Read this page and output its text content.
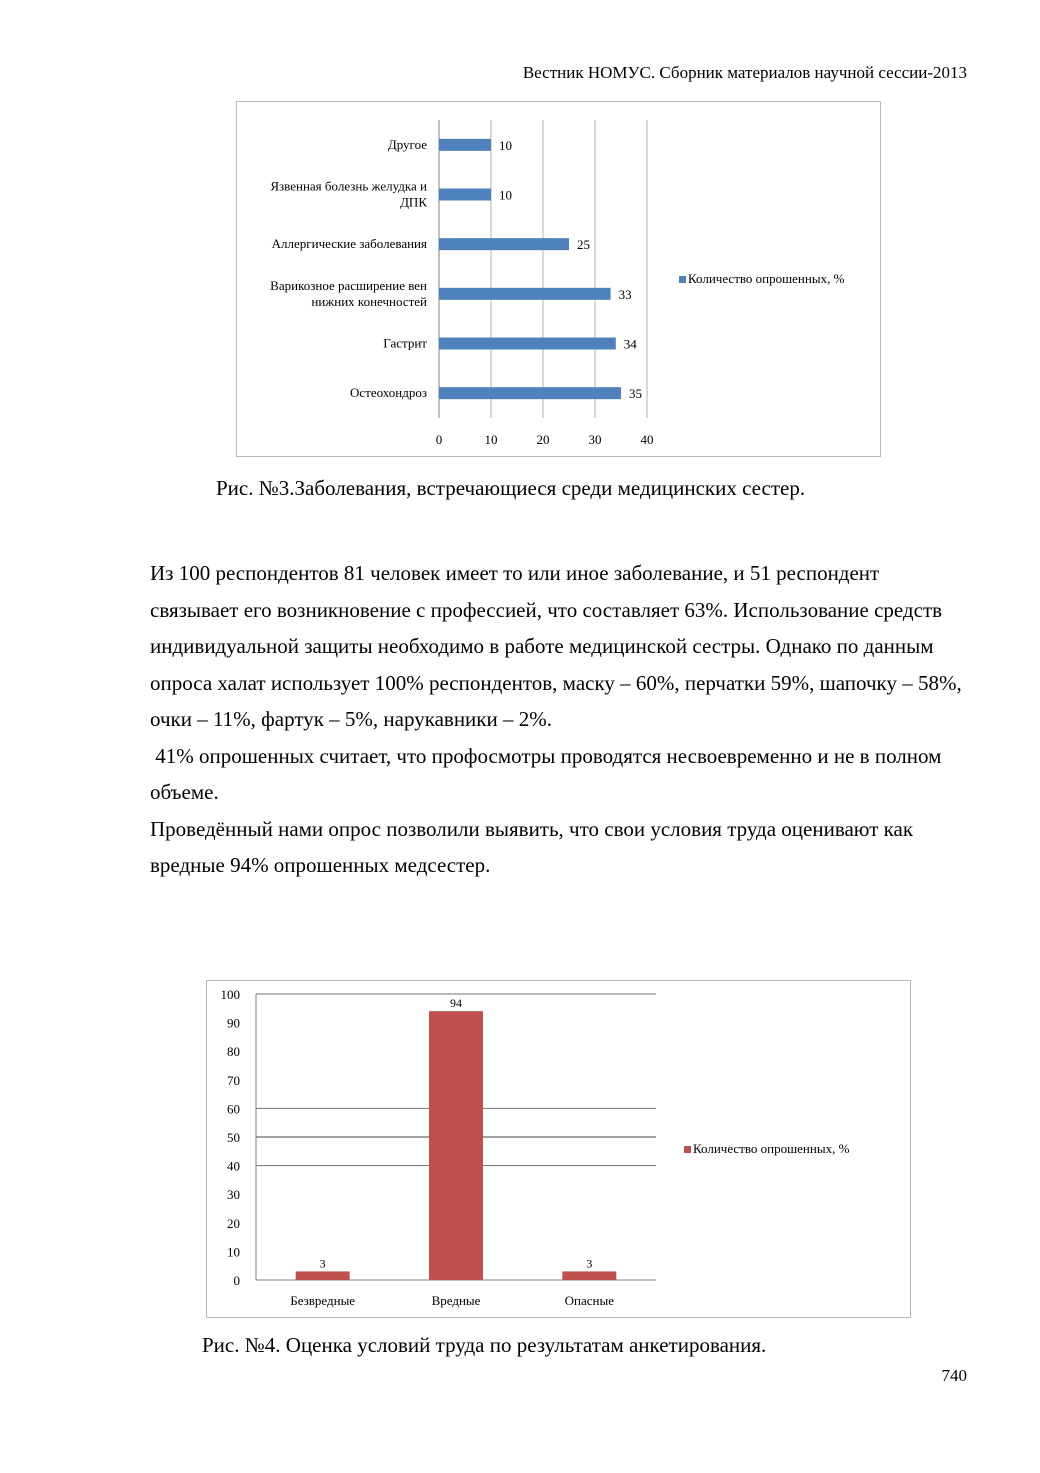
Вестник НОМУС. Сборник материалов научной сессии-2013
0	10	20	30	40
10
Другое
10
Язвенная болезнь желудка и
ДПК
25
Аллергические заболевания
33
Варикозное расширение вен
нижних конечностей
34
Гастрит
35
Остеохондроз
Количество опрошенных, %
Рис. №3.Заболевания, встречающиеся среди медицинских сестер.

Из 100 респондентов 81 человек имеет то или иное заболевание, и 51 респондент связывает его возникновение с профессией, что составляет 63%. Использование средств индивидуальной защиты необходимо в работе медицинской сестры. Однако по данным опроса халат использует 100% респондентов, маску – 60%, перчатки 59%, шапочку – 58%, очки – 11%, фартук – 5%, нарукавники – 2%.

41% опрошенных считает, что профосмотры проводятся несвоевременно и не в полном объеме.

Проведённый нами опрос позволили выявить, что свои условия труда оценивают как вредные 94% опрошенных медсестер.

0
10
20
30
40
50
60
70
80
90
100
3
Безвредные
94
Вредные
3
Опасные
Количество опрошенных, %
Рис. №4. Оценка условий труда по результатам анкетирования.
740
